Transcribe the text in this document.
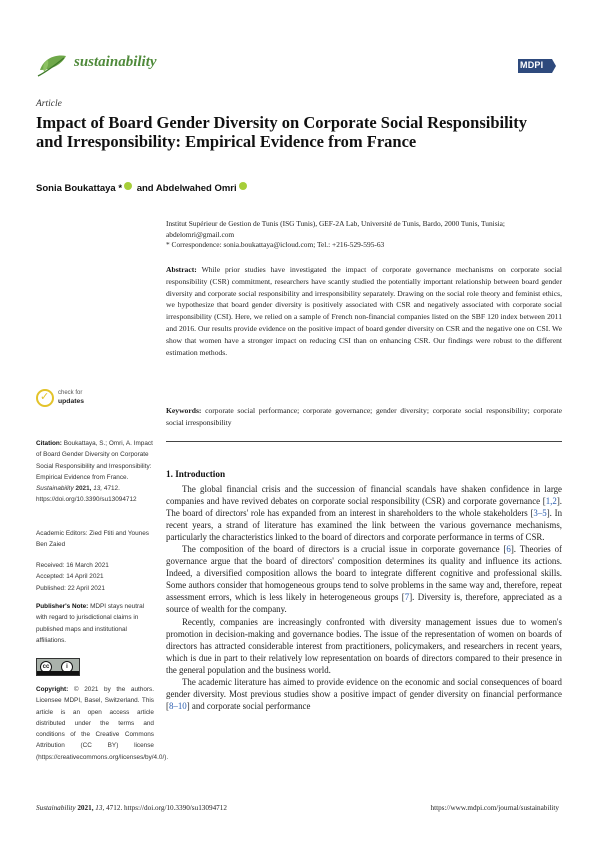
sustainability	MDPI
Article
Impact of Board Gender Diversity on Corporate Social Responsibility and Irresponsibility: Empirical Evidence from France
Sonia Boukattaya * and Abdelwahed Omri

Institut Supérieur de Gestion de Tunis (ISG Tunis), GEF-2A Lab, Université de Tunis, Bardo, 2000 Tunis, Tunisia; abdelomri@gmail.com

* Correspondence: sonia.boukattaya@icloud.com; Tel.: +216-529-595-63

Abstract: While prior studies have investigated the impact of corporate governance mechanisms on corporate social responsibility (CSR) commitment, researchers have scantly studied the potentially important relationship between board gender diversity and corporate social responsibility and irresponsibility separately. Drawing on the social role theory and feminist ethics, we hypothesize that board gender diversity is positively associated with CSR and negatively associated with corporate social irresponsibility (CSI). Here, we relied on a sample of French non-financial companies listed on the SBF 120 index between 2011 and 2016. Our results provide evidence on the positive impact of board gender diversity on CSR and the negative one on CSI. We show that women have a stronger impact on reducing CSI than on enhancing CSR. Our findings were robust to the different estimation methods.
Keywords: corporate social performance; corporate governance; gender diversity; corporate social responsibility; corporate social irresponsibility
✓ check for
updates
Citation: Boukattaya, S.; Omri, A. Impact of Board Gender Diversity on Corporate Social Responsibility and Irresponsibility: Empirical Evidence from France. Sustainability 2021, 13, 4712. https://doi.org/10.3390/su13094712
Academic Editors: Zied Ftiti and Younes Ben Zaied

Received: 16 March 2021

Accepted: 14 April 2021

Published: 22 April 2021

Publisher's Note: MDPI stays neutral with regard to jurisdictional claims in published maps and institutional affiliations.
cc	i
Copyright: © 2021 by the authors. Licensee MDPI, Basel, Switzerland. This article is an open access article distributed under the terms and conditions of the Creative Commons Attribution (CC BY) license (https://creativecommons.org/licenses/by/4.0/).
1. Introduction

The global financial crisis and the succession of financial scandals have shaken confidence in large companies and have revived debates on corporate social responsibility (CSR) and corporate governance [1,2]. The board of directors' role has expanded from an interest in shareholders to the whole stakeholders [3–5]. In recent years, a strand of literature has examined the link between the various governance mechanisms, particularly the characteristics linked to the board of directors and corporate performance in terms of CSR.

The composition of the board of directors is a crucial issue in corporate governance [6]. Theories of governance argue that the board of directors' composition determines its quality and influence its actions. Indeed, a diversified composition allows the board to integrate different cognitive and professional skills. Some authors consider that homogeneous groups tend to solve problems in the same way and, therefore, repeat assessment errors, which is less likely in heterogeneous groups [7]. Diversity is, therefore, appreciated as a source of wealth for the company.

Recently, companies are increasingly confronted with diversity management issues due to women's promotion in decision-making and governance bodies. The issue of the representation of women on boards of directors has attracted considerable interest from practitioners, policymakers, and researchers in recent years, which is due in part to their relatively low representation on boards of directors compared to their presence in the general population and the business world.

The academic literature has aimed to provide evidence on the economic and social consequences of board gender diversity. Most previous studies show a positive impact of gender diversity on financial performance [8–10] and corporate social performance

Sustainability 2021, 13, 4712. https://doi.org/10.3390/su13094712	https://www.mdpi.com/journal/sustainability
